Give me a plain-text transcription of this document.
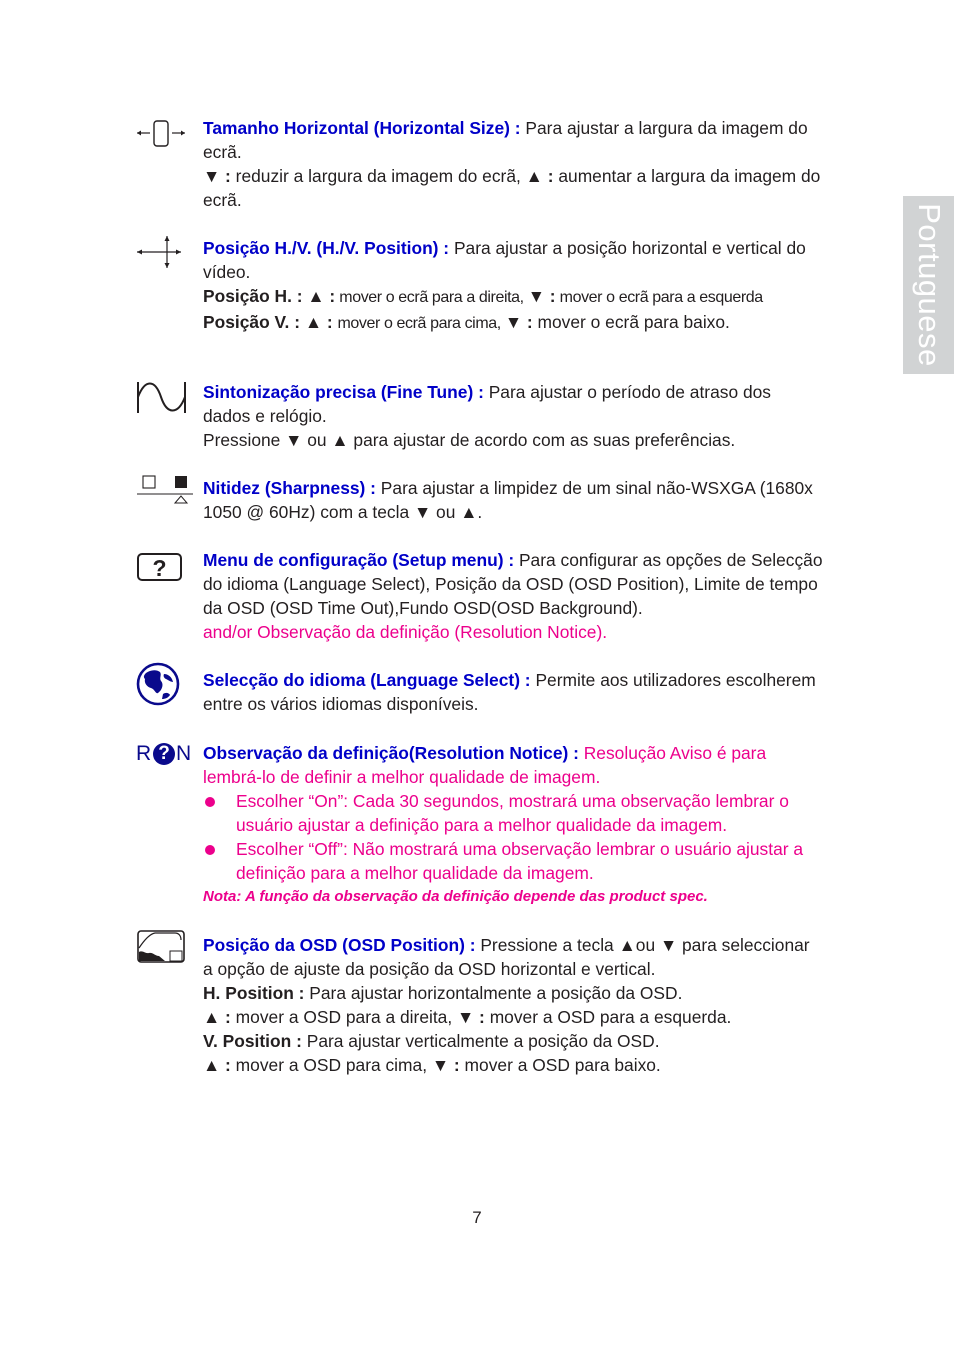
Portuguese
?
R ? N

Tamanho Horizontal (Horizontal Size) : Para ajustar a largura da imagem do ecrã.

▼ : reduzir a largura da imagem do ecrã, ▲ : aumentar a largura da imagem do ecrã.

Posição H./V. (H./V. Position) : Para ajustar a posição horizontal e vertical do vídeo.

Posição H. : ▲ : mover o ecrã para a direita, ▼ : mover o ecrã para a esquerda

Posição V. : ▲ : mover o ecrã para cima, ▼ : mover o ecrã para baixo.

Sintonização precisa (Fine Tune) : Para ajustar o período de atraso dos dados e relógio.

Pressione ▼ ou ▲ para ajustar de acordo com as suas preferências.

Nitidez (Sharpness) : Para ajustar a limpidez de um sinal não-WSXGA (1680x 1050 @ 60Hz) com a tecla ▼ ou ▲.

Menu de configuração (Setup menu) : Para configurar as opções de Selecção do idioma (Language Select), Posição da OSD (OSD Position), Limite de tempo da OSD (OSD Time Out),Fundo OSD(OSD Background).

and/or Observação da definição (Resolution Notice).

Selecção do idioma (Language Select) : Permite aos utilizadores escolherem entre os vários idiomas disponíveis.

Observação da definição(Resolution Notice) : Resolução Aviso é para lembrá-lo de definir a melhor qualidade de imagem.

Escolher “On”: Cada 30 segundos, mostrará uma observação lembrar o usuário ajustar a definição para a melhor qualidade da imagem.
Escolher “Off”: Não mostrará uma observação lembrar o usuário ajustar a definição para a melhor qualidade da imagem.

Nota: A função da observação da definição depende das product spec.

Posição da OSD (OSD Position) : Pressione a tecla ▲ou ▼ para seleccionar a opção de ajuste da posição da OSD horizontal e vertical.

H. Position : Para ajustar horizontalmente a posição da OSD.

▲ : mover a OSD para a direita, ▼ : mover a OSD para a esquerda.

V. Position : Para ajustar verticalmente a posição da OSD.

▲ : mover a OSD para cima, ▼ : mover a OSD para baixo.

7
